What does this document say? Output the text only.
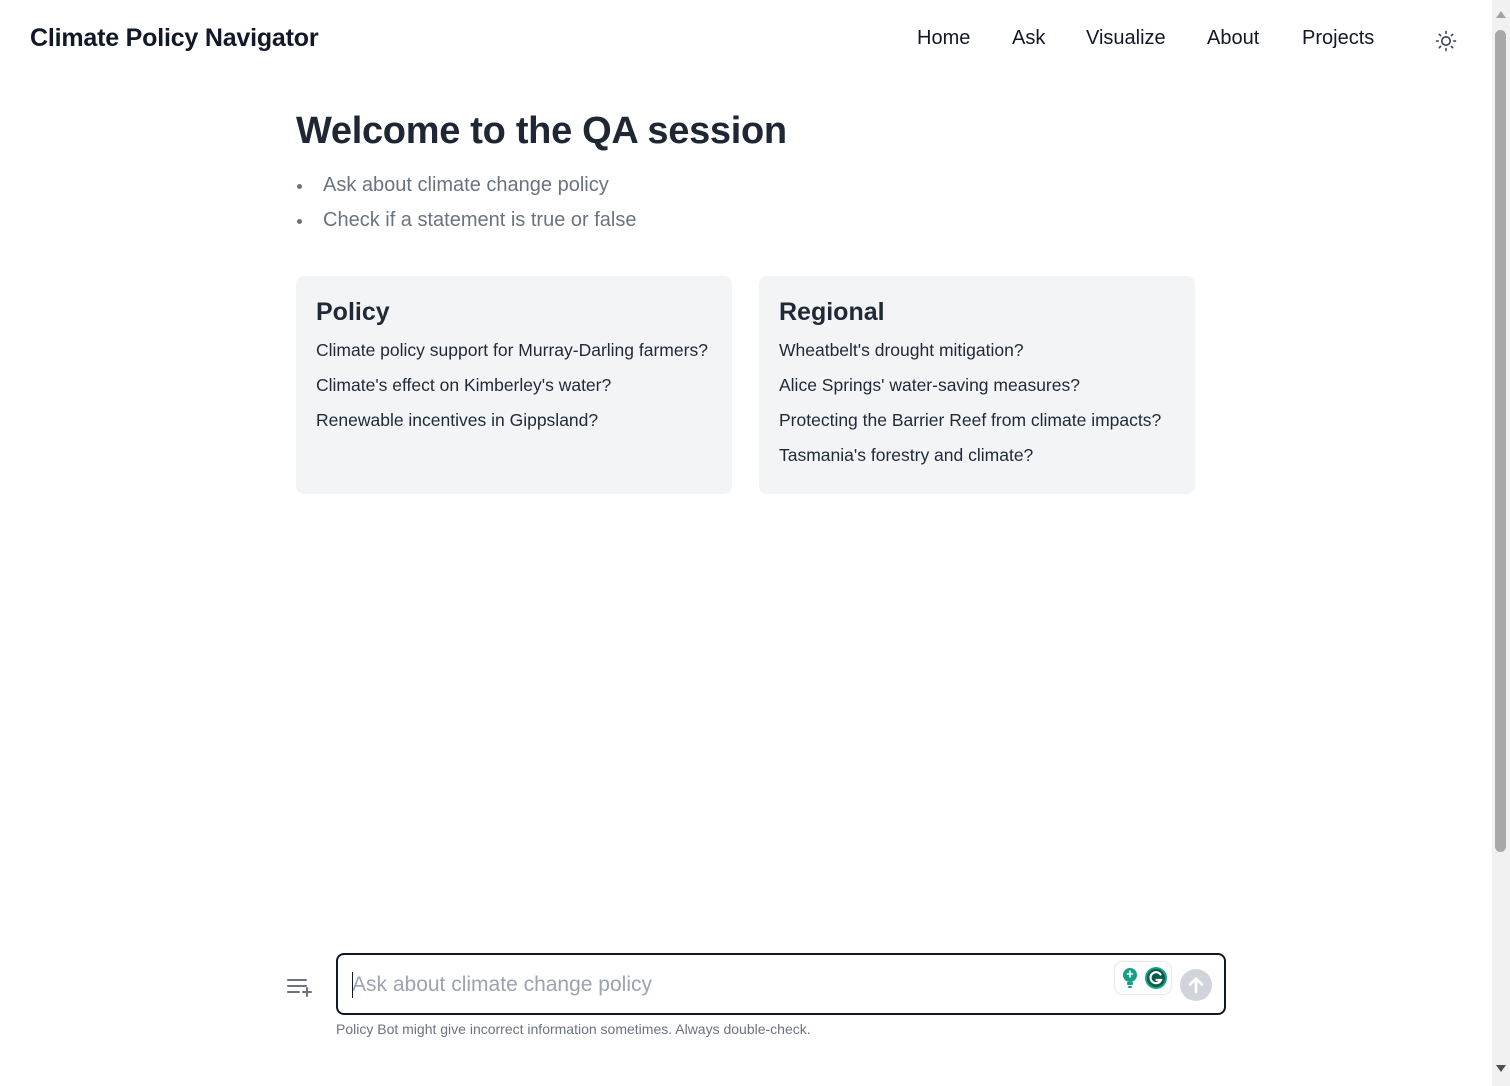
Climate Policy Navigator	Home Ask Visualize About Projects
Welcome to the QA session
Ask about climate change policy
Check if a statement is true or false
Policy
Climate policy support for Murray-Darling farmers?
Climate's effect on Kimberley's water?
Renewable incentives in Gippsland?
Regional
Wheatbelt's drought mitigation?
Alice Springs' water-saving measures?
Protecting the Barrier Reef from climate impacts?
Tasmania's forestry and climate?
Ask about climate change policy
Policy Bot might give incorrect information sometimes. Always double-check.
